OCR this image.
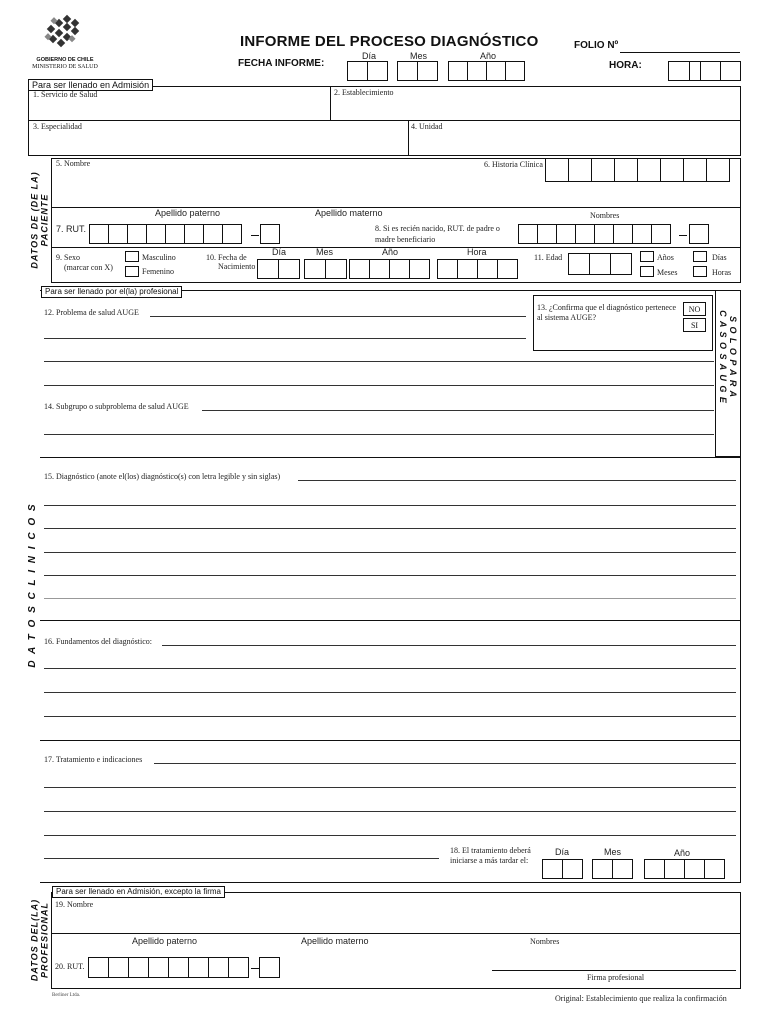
GOBIERNO DE CHILE
MINISTERIO DE SALUD
INFORME DEL PROCESO DIAGNÓSTICO	FOLIO Nº
FECHA INFORME:
Día	Mes	Año
HORA:
Para ser llenado en Admisión
1. Servicio de Salud	2. Establecimiento
3. Especialidad	4. Unidad
DATOS DE (DE LA)
PACIENTE
5. Nombre	6. Historia Clínica
Apellido paterno	Apellido materno	Nombres
7. RUT.	8. Si es recién nacido, RUT. de padre o
madre beneficiario
9. Sexo
(marcar con X)
Masculino
Femenino
10. Fecha de
Nacimiento
Día	Mes	Año	Hora
11. Edad	Años
Meses
Días
Horas
Para ser llenado por el(la) profesional
D A T O S C L I N I C O S
S O L O P A R A
C A S O S A U G E
12. Problema de salud AUGE
13. ¿Confirma que el diagnóstico pertenece
al sistema AUGE?
NO
SI
14. Subgrupo o subproblema de salud AUGE
15. Diagnóstico (anote el(los) diagnóstico(s) con letra legible y sin siglas)
16. Fundamentos del diagnóstico:
17. Tratamiento e indicaciones
18. El tratamiento deberá
iniciarse a más tardar el:
Día	Mes	Año
Para ser llenado en Admisión, excepto la firma
DATOS DEL(LA)
PROFESIONAL 19. Nombre
Apellido paterno	Apellido materno	Nombres
20. RUT.
Firma profesional
Berliner Ltda.	Original: Establecimiento que realiza la confirmación
